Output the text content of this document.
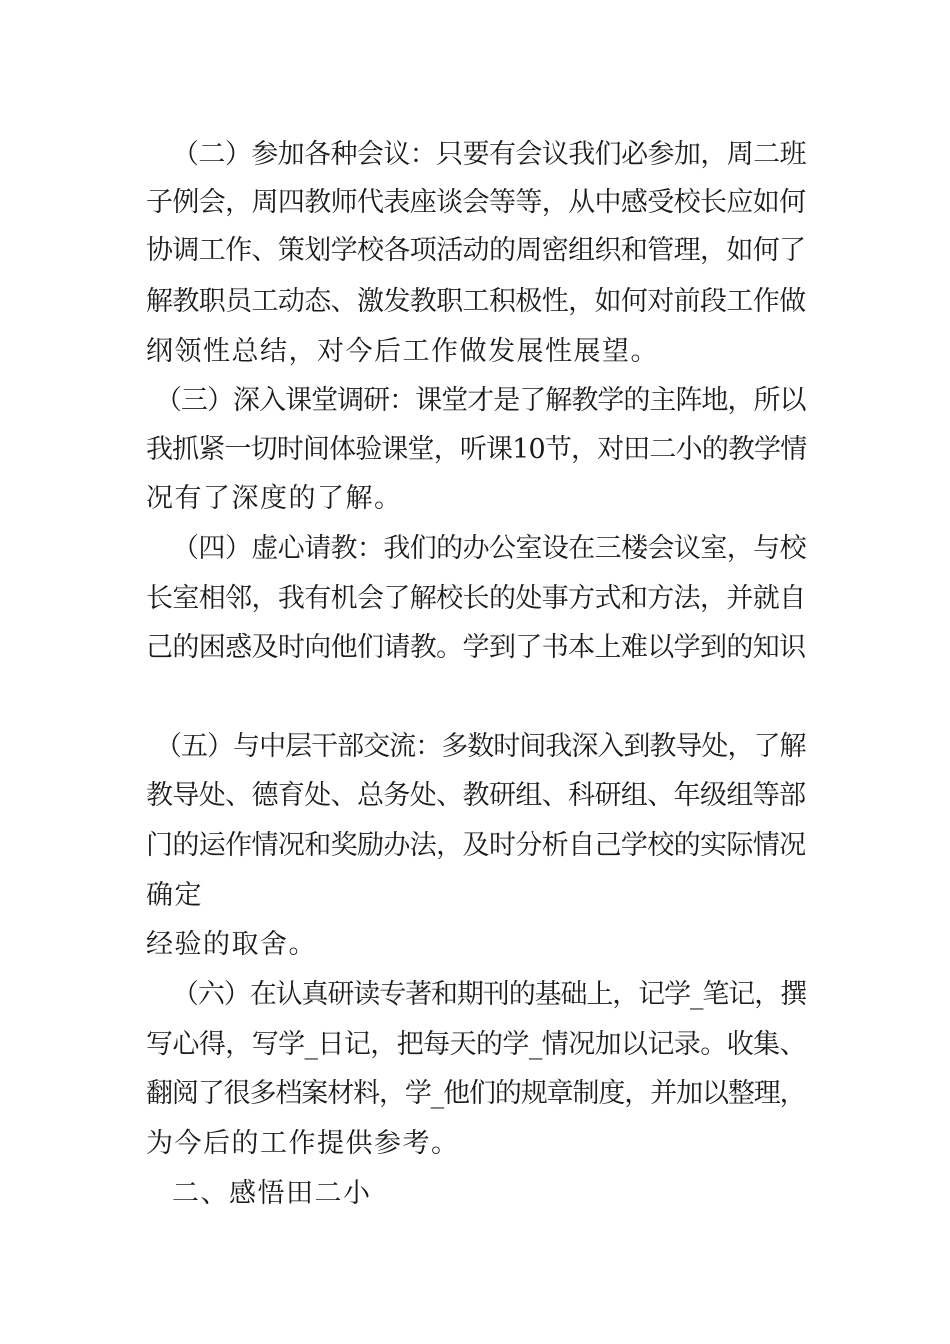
（二）参加各种会议：只要有会议我们必参加，周二班
子例会，周四教师代表座谈会等等，从中感受校长应如何
协调工作、策划学校各项活动的周密组织和管理，如何了
解教职员工动态、激发教职工积极性，如何对前段工作做
纲领性总结，对今后工作做发展性展望。
（三）深入课堂调研：课堂才是了解教学的主阵地，所以
我抓紧一切时间体验课堂，听课10节，对田二小的教学情
况有了深度的了解。
（四）虚心请教：我们的办公室设在三楼会议室，与校
长室相邻，我有机会了解校长的处事方式和方法，并就自
己的困惑及时向他们请教。学到了书本上难以学到的知识
（五）与中层干部交流：多数时间我深入到教导处，了解
教导处、德育处、总务处、教研组、科研组、年级组等部
门的运作情况和奖励办法，及时分析自己学校的实际情况
确定
经验的取舍。
（六）在认真研读专著和期刊的基础上，记学_笔记，撰
写心得，写学_日记，把每天的学_情况加以记录。收集、
翻阅了很多档案材料，学_他们的规章制度，并加以整理，
为今后的工作提供参考。
二、感悟田二小
